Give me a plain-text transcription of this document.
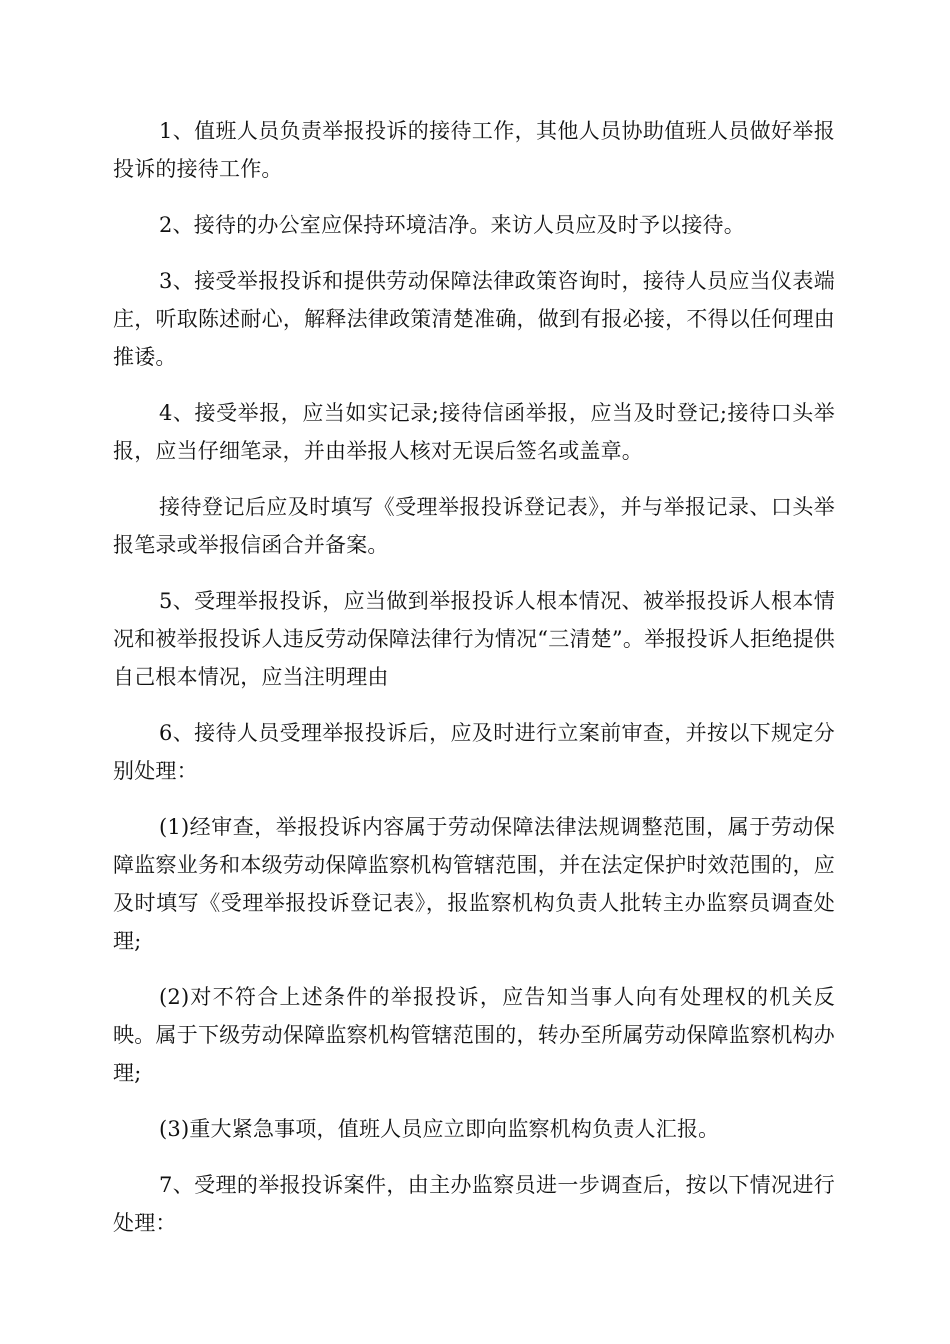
1、值班人员负责举报投诉的接待工作，其他人员协助值班人员做好举报投诉的接待工作。

2、接待的办公室应保持环境洁净。来访人员应及时予以接待。

3、接受举报投诉和提供劳动保障法律政策咨询时，接待人员应当仪表端庄，听取陈述耐心，解释法律政策清楚准确，做到有报必接，不得以任何理由推诿。

4、接受举报，应当如实记录;接待信函举报，应当及时登记;接待口头举报，应当仔细笔录，并由举报人核对无误后签名或盖章。

接待登记后应及时填写《受理举报投诉登记表》，并与举报记录、口头举报笔录或举报信函合并备案。

5、受理举报投诉，应当做到举报投诉人根本情况、被举报投诉人根本情况和被举报投诉人违反劳动保障法律行为情况“三清楚”。举报投诉人拒绝提供自己根本情况，应当注明理由

6、接待人员受理举报投诉后，应及时进行立案前审查，并按以下规定分别处理：

(1)经审查，举报投诉内容属于劳动保障法律法规调整范围，属于劳动保障监察业务和本级劳动保障监察机构管辖范围，并在法定保护时效范围的，应及时填写《受理举报投诉登记表》，报监察机构负责人批转主办监察员调查处理;

(2)对不符合上述条件的举报投诉，应告知当事人向有处理权的机关反映。属于下级劳动保障监察机构管辖范围的，转办至所属劳动保障监察机构办理;

(3)重大紧急事项，值班人员应立即向监察机构负责人汇报。

7、受理的举报投诉案件，由主办监察员进一步调查后，按以下情况进行处理：
